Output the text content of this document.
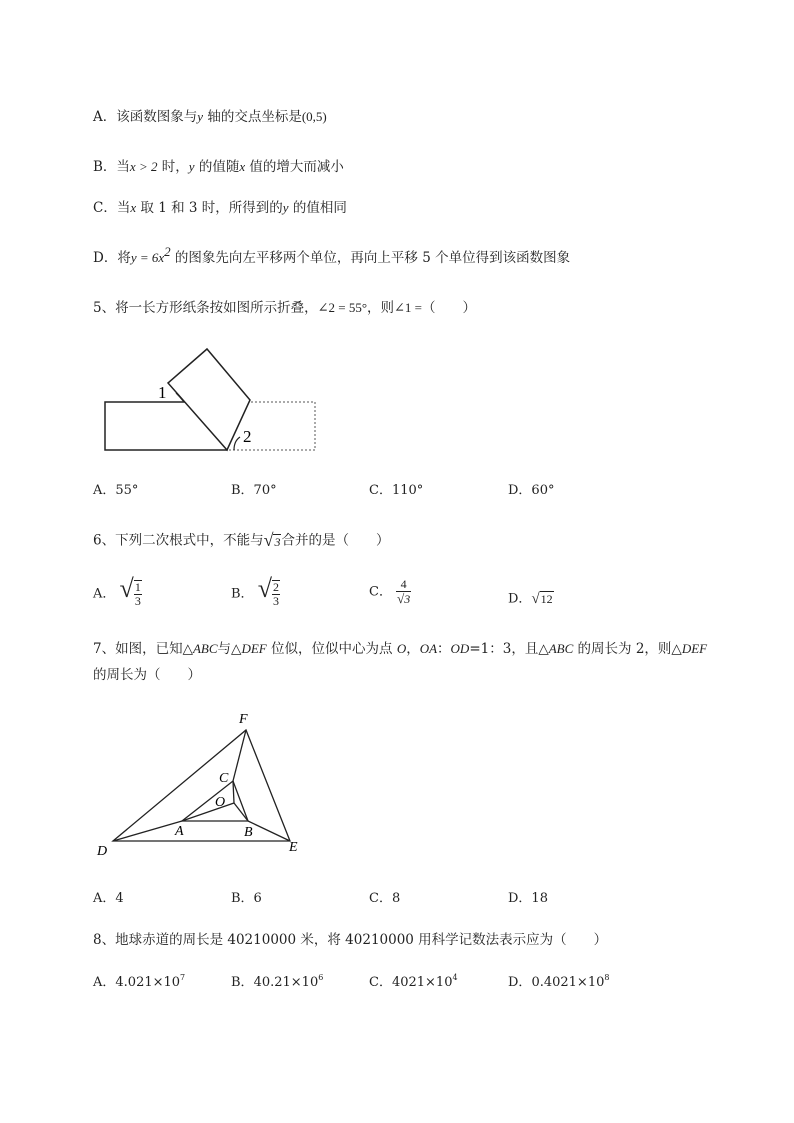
A．该函数图象与y 轴的交点坐标是(0,5)
B．当x > 2 时，y 的值随x 值的增大而减小
C．当x 取 1 和 3 时，所得到的y 的值相同
D．将$y = 6x^2$ 的图象先向左平移两个单位，再向上平移 5 个单位得到该函数图象
5、将一长方形纸条按如图所示折叠，∠2 = 55°，则∠1 =（　　）
1
2
A．55°	B．70°	C．110°	D．60°
6、下列二次根式中，不能与√3合并的是（　　）
A． √ $\frac{1}{3}$	B． √ $\frac{2}{3}$	C． $\frac{4}{√3}$	D．√12
7、如图，已知△ABC与△DEF 位似，位似中心为点 O，OA：OD=1：3，且△ABC 的周长为 2，则△DEF
的周长为（　　）
F
D	E
C
O
A	B
A．4	B．6	C．8	D．18
8、地球赤道的周长是 40210000 米，将 40210000 用科学记数法表示应为（　　）
A．$4.021\times 10^7$	B．$40.21\times 10^6$	C．$4021\times 10^4$	D．$0.4021\times 10^8$
